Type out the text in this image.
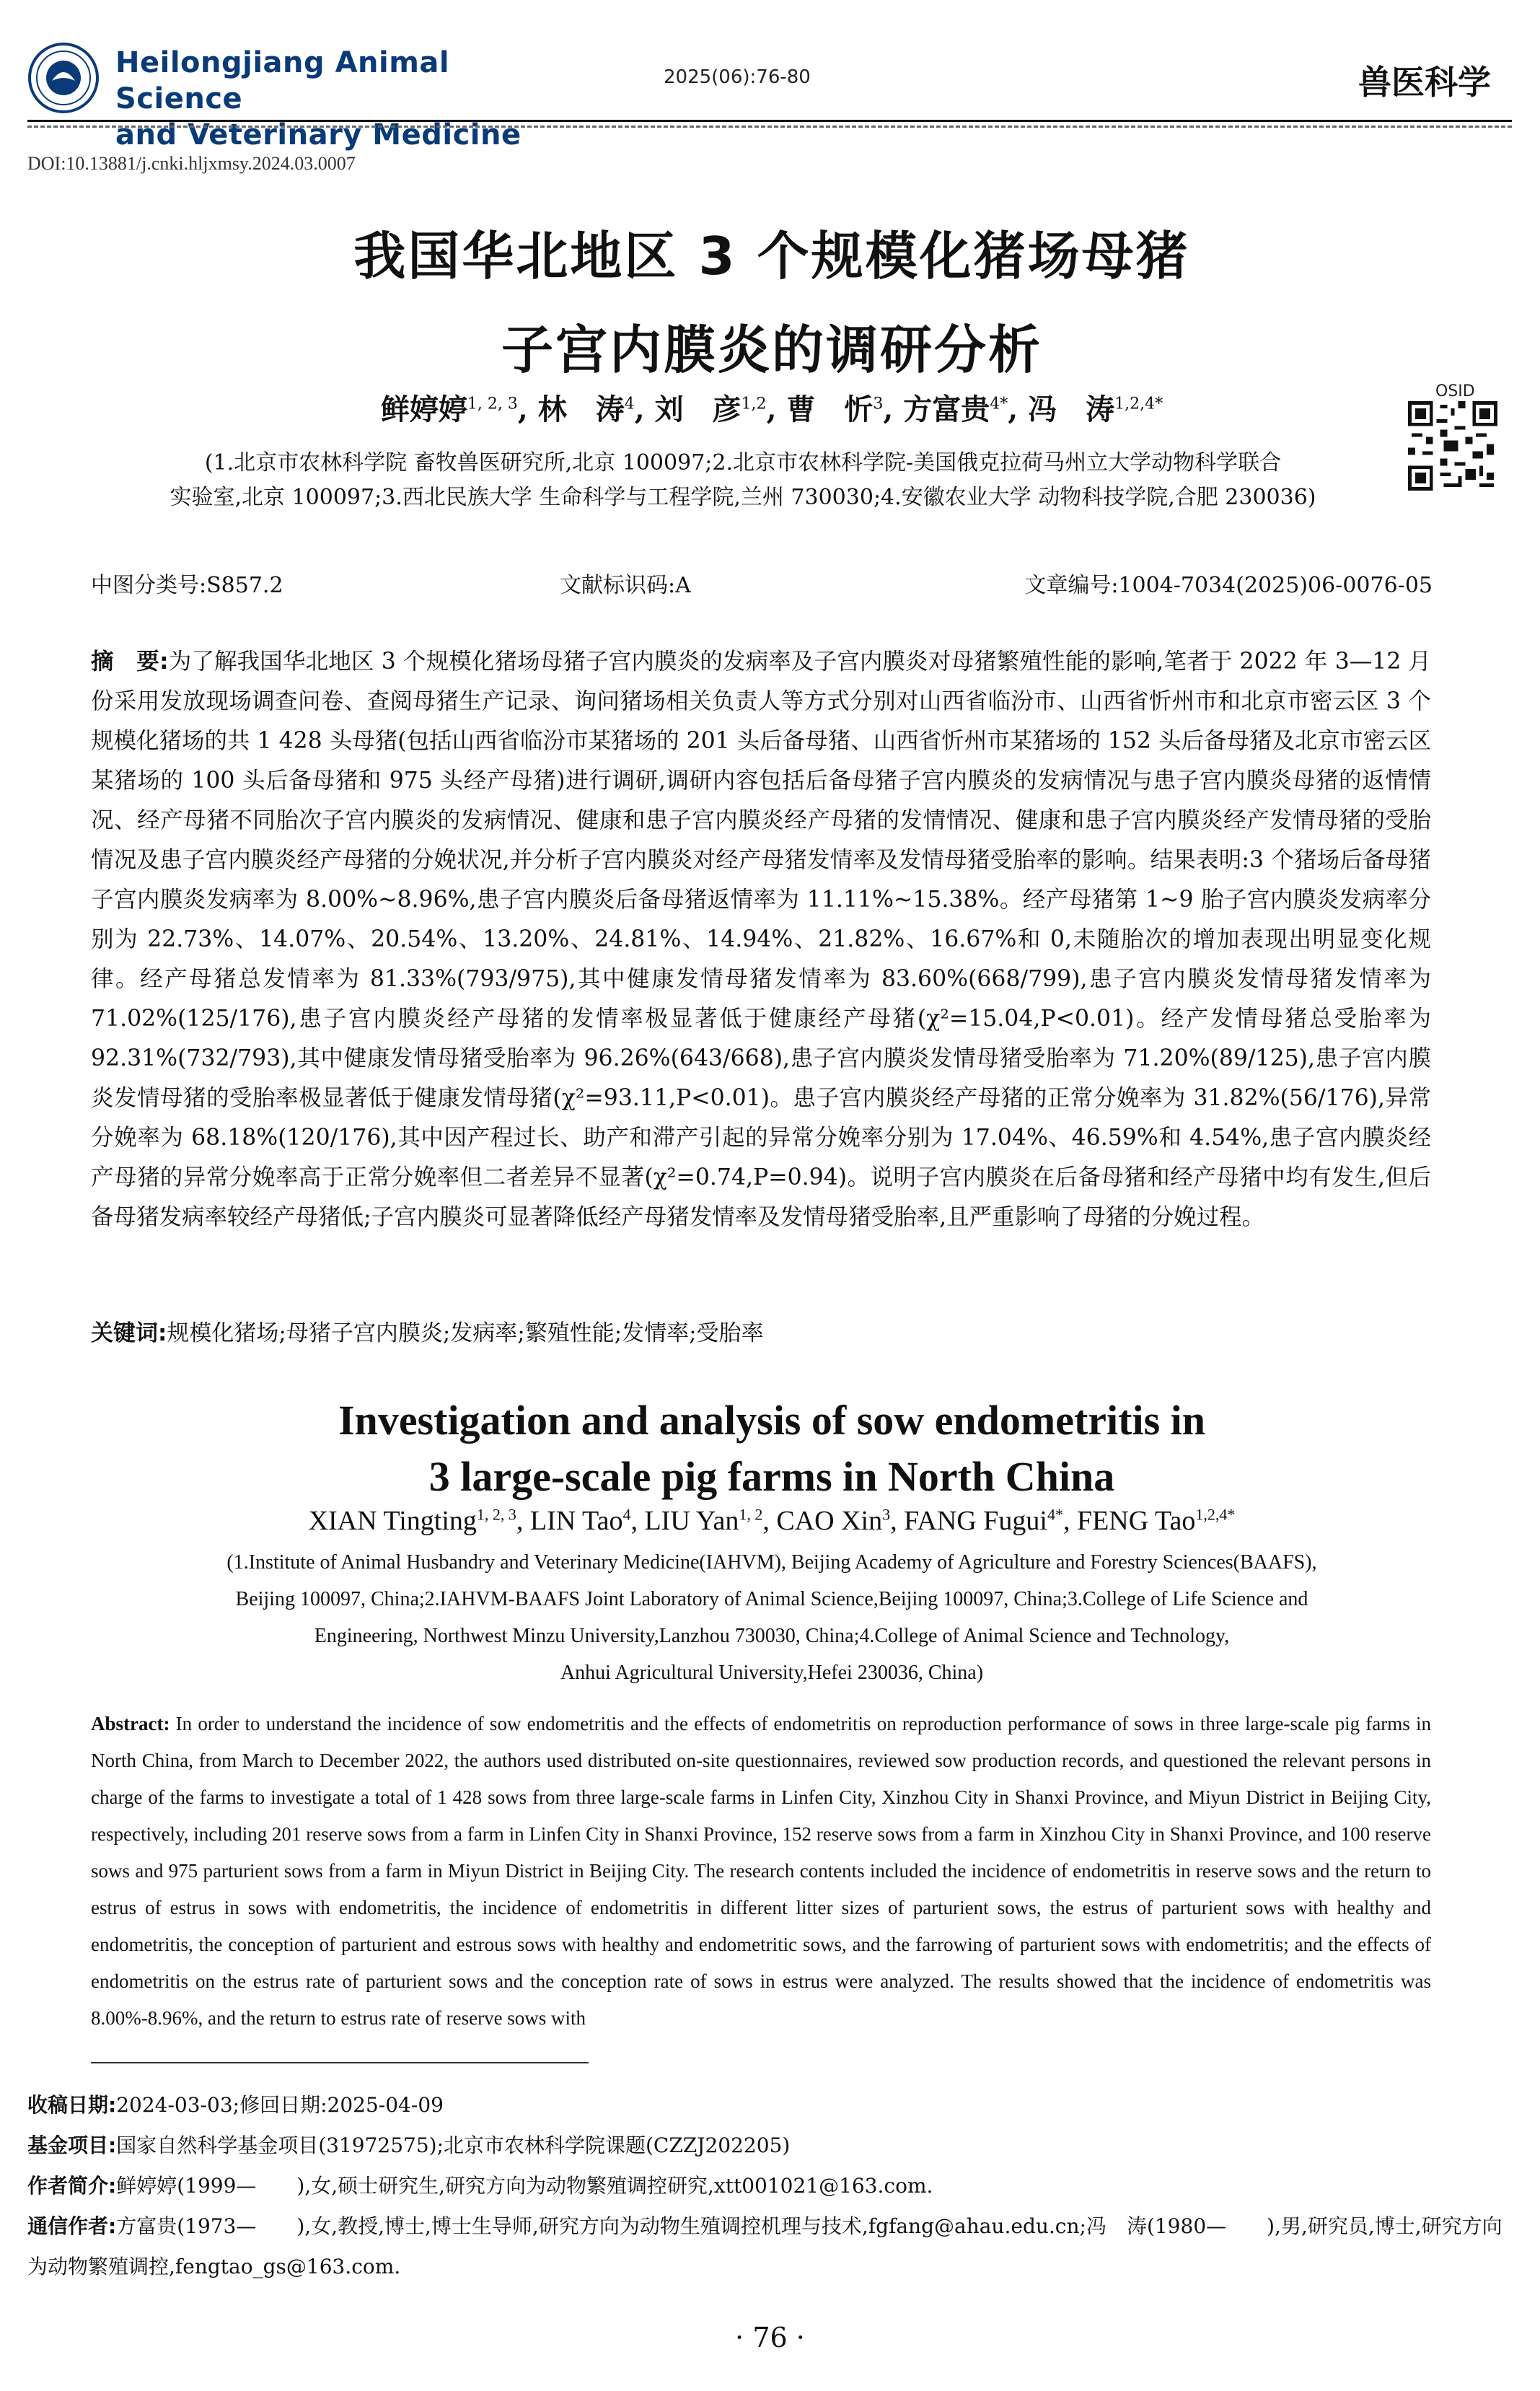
Heilongjiang Animal Science
and Veterinary Medicine
2025(06):76-80	兽医科学
DOI:10.13881/j.cnki.hljxmsy.2024.03.0007
我国华北地区 3 个规模化猪场母猪
子宫内膜炎的调研分析
鲜婷婷$^{1, 2, 3}$, 林　涛$^4$, 刘　彦$^{1,2}$, 曹　忻$^3$, 方富贵$^{4*}$, 冯　涛$^{1,2,4*}$
OSID
(1.北京市农林科学院 畜牧兽医研究所,北京 100097;2.北京市农林科学院-美国俄克拉荷马州立大学动物科学联合
实验室,北京 100097;3.西北民族大学 生命科学与工程学院,兰州 730030;4.安徽农业大学 动物科技学院,合肥 230036)
中图分类号:S857.2	文献标识码:A	文章编号:1004-7034(2025)06-0076-05
摘　要:为了解我国华北地区 3 个规模化猪场母猪子宫内膜炎的发病率及子宫内膜炎对母猪繁殖性能的影响,笔者于 2022 年 3—12 月份采用发放现场调查问卷、查阅母猪生产记录、询问猪场相关负责人等方式分别对山西省临汾市、山西省忻州市和北京市密云区 3 个规模化猪场的共 1 428 头母猪(包括山西省临汾市某猪场的 201 头后备母猪、山西省忻州市某猪场的 152 头后备母猪及北京市密云区某猪场的 100 头后备母猪和 975 头经产母猪)进行调研,调研内容包括后备母猪子宫内膜炎的发病情况与患子宫内膜炎母猪的返情情况、经产母猪不同胎次子宫内膜炎的发病情况、健康和患子宫内膜炎经产母猪的发情情况、健康和患子宫内膜炎经产发情母猪的受胎情况及患子宫内膜炎经产母猪的分娩状况,并分析子宫内膜炎对经产母猪发情率及发情母猪受胎率的影响。结果表明:3 个猪场后备母猪子宫内膜炎发病率为 8.00%~8.96%,患子宫内膜炎后备母猪返情率为 11.11%~15.38%。经产母猪第 1~9 胎子宫内膜炎发病率分别为 22.73%、14.07%、20.54%、13.20%、24.81%、14.94%、21.82%、16.67%和 0,未随胎次的增加表现出明显变化规律。经产母猪总发情率为 81.33%(793/975),其中健康发情母猪发情率为 83.60%(668/799),患子宫内膜炎发情母猪发情率为 71.02%(125/176),患子宫内膜炎经产母猪的发情率极显著低于健康经产母猪(χ²=15.04,P<0.01)。经产发情母猪总受胎率为 92.31%(732/793),其中健康发情母猪受胎率为 96.26%(643/668),患子宫内膜炎发情母猪受胎率为 71.20%(89/125),患子宫内膜炎发情母猪的受胎率极显著低于健康发情母猪(χ²=93.11,P<0.01)。患子宫内膜炎经产母猪的正常分娩率为 31.82%(56/176),异常分娩率为 68.18%(120/176),其中因产程过长、助产和滞产引起的异常分娩率分别为 17.04%、46.59%和 4.54%,患子宫内膜炎经产母猪的异常分娩率高于正常分娩率但二者差异不显著(χ²=0.74,P=0.94)。说明子宫内膜炎在后备母猪和经产母猪中均有发生,但后备母猪发病率较经产母猪低;子宫内膜炎可显著降低经产母猪发情率及发情母猪受胎率,且严重影响了母猪的分娩过程。
关键词:规模化猪场;母猪子宫内膜炎;发病率;繁殖性能;发情率;受胎率
Investigation and analysis of sow endometritis in
3 large-scale pig farms in North China
XIAN Tingting$^{1, 2, 3}$, LIN Tao$^4$, LIU Yan$^{1, 2}$, CAO Xin$^3$, FANG Fugui$^{4*}$, FENG Tao$^{1,2,4*}$
(1.Institute of Animal Husbandry and Veterinary Medicine(IAHVM), Beijing Academy of Agriculture and Forestry Sciences(BAAFS),
Beijing 100097, China;2.IAHVM-BAAFS Joint Laboratory of Animal Science,Beijing 100097, China;3.College of Life Science and
Engineering, Northwest Minzu University,Lanzhou 730030, China;4.College of Animal Science and Technology,
Anhui Agricultural University,Hefei 230036, China)
Abstract: In order to understand the incidence of sow endometritis and the effects of endometritis on reproduction performance of sows in three large-scale pig farms in North China, from March to December 2022, the authors used distributed on-site questionnaires, reviewed sow production records, and questioned the relevant persons in charge of the farms to investigate a total of 1 428 sows from three large-scale farms in Linfen City, Xinzhou City in Shanxi Province, and Miyun District in Beijing City, respectively, including 201 reserve sows from a farm in Linfen City in Shanxi Province, 152 reserve sows from a farm in Xinzhou City in Shanxi Province, and 100 reserve sows and 975 parturient sows from a farm in Miyun District in Beijing City. The research contents included the incidence of endometritis in reserve sows and the return to estrus of estrus in sows with endometritis, the incidence of endometritis in different litter sizes of parturient sows, the estrus of parturient sows with healthy and endometritis, the conception of parturient and estrous sows with healthy and endometritic sows, and the farrowing of parturient sows with endometritis; and the effects of endometritis on the estrus rate of parturient sows and the conception rate of sows in estrus were analyzed. The results showed that the incidence of endometritis was 8.00%-8.96%, and the return to estrus rate of reserve sows with
收稿日期:2024-03-03;修回日期:2025-04-09
基金项目:国家自然科学基金项目(31972575);北京市农林科学院课题(CZZJ202205)
作者简介:鲜婷婷(1999—　　),女,硕士研究生,研究方向为动物繁殖调控研究,xtt001021@163.com.
通信作者:方富贵(1973—　　),女,教授,博士,博士生导师,研究方向为动物生殖调控机理与技术,fgfang@ahau.edu.cn;冯　涛(1980—　　),男,研究员,博士,研究方向为动物繁殖调控,fengtao_gs@163.com.
· 76 ·
